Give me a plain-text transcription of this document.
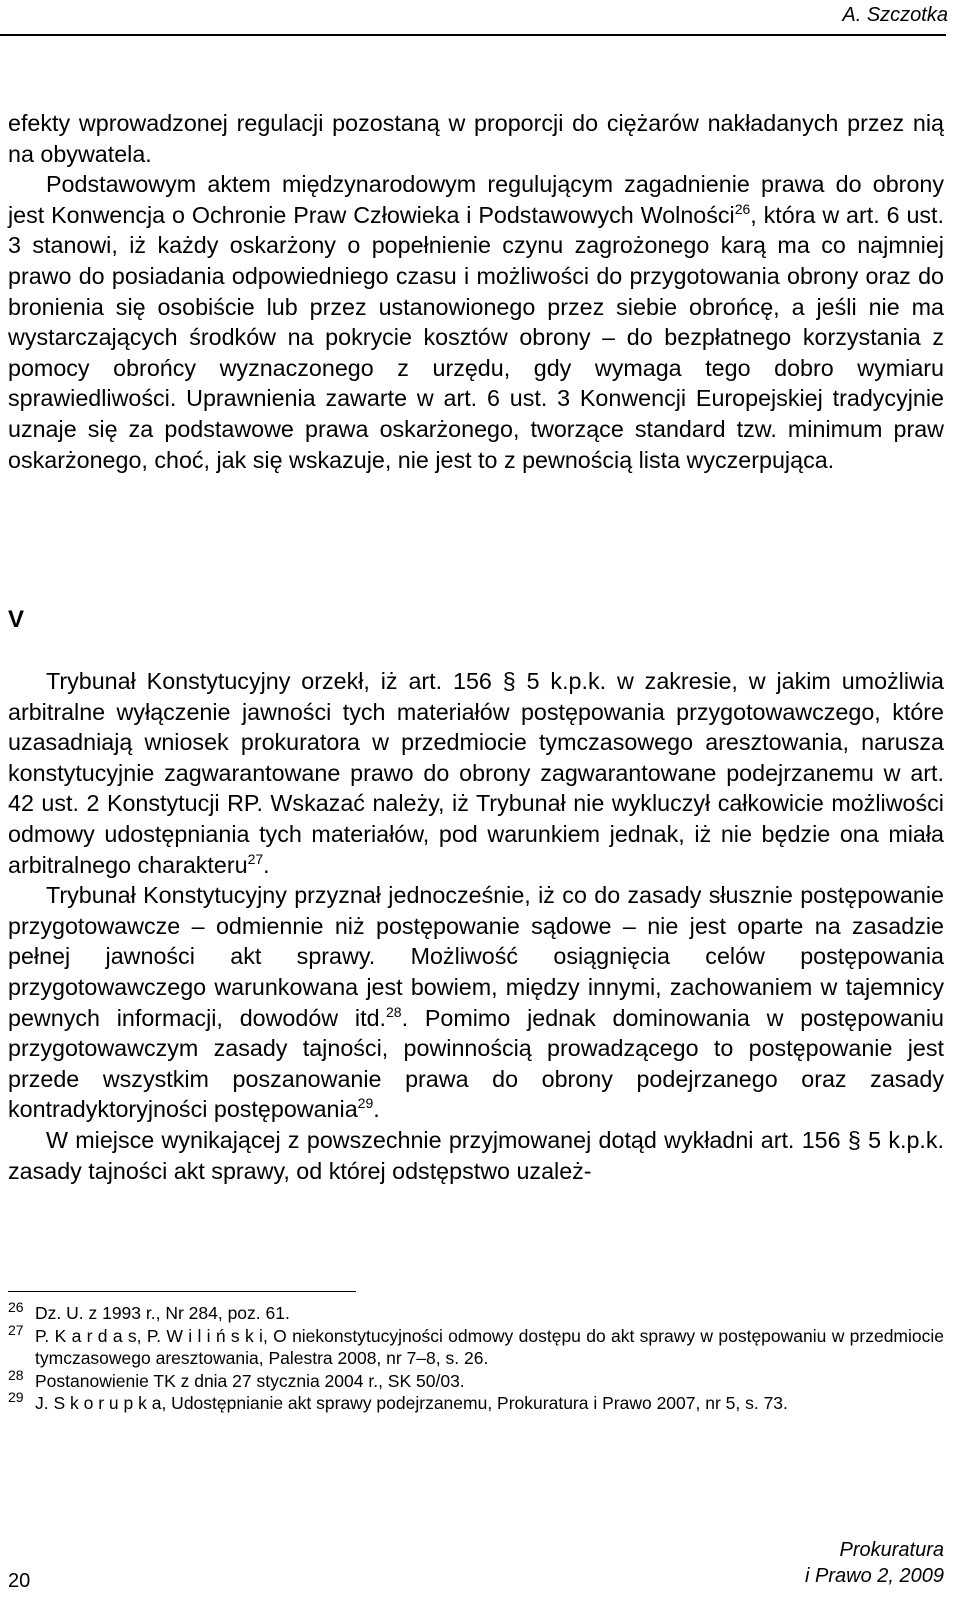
A. Szczotka

efekty wprowadzonej regulacji pozostaną w proporcji do ciężarów nakładanych przez nią na obywatela.

Podstawowym aktem międzynarodowym regulującym zagadnienie prawa do obrony jest Konwencja o Ochronie Praw Człowieka i Podstawowych Wolności$^{26}$, która w art. 6 ust. 3 stanowi, iż każdy oskarżony o popełnienie czynu zagrożonego karą ma co najmniej prawo do posiadania odpowiedniego czasu i możliwości do przygotowania obrony oraz do bronienia się osobiście lub przez ustanowionego przez siebie obrońcę, a jeśli nie ma wystarczających środków na pokrycie kosztów obrony – do bezpłatnego korzystania z pomocy obrońcy wyznaczonego z urzędu, gdy wymaga tego dobro wymiaru sprawiedliwości. Uprawnienia zawarte w art. 6 ust. 3 Konwencji Europejskiej tradycyjnie uznaje się za podstawowe prawa oskarżonego, tworzące standard tzw. minimum praw oskarżonego, choć, jak się wskazuje, nie jest to z pewnością lista wyczerpująca.

V

Trybunał Konstytucyjny orzekł, iż art. 156 § 5 k.p.k. w zakresie, w jakim umożliwia arbitralne wyłączenie jawności tych materiałów postępowania przygotowawczego, które uzasadniają wniosek prokuratora w przedmiocie tymczasowego aresztowania, narusza konstytucyjnie zagwarantowane prawo do obrony zagwarantowane podejrzanemu w art. 42 ust. 2 Konstytucji RP. Wskazać należy, iż Trybunał nie wykluczył całkowicie możliwości odmowy udostępniania tych materiałów, pod warunkiem jednak, iż nie będzie ona miała arbitralnego charakteru$^{27}$.

Trybunał Konstytucyjny przyznał jednocześnie, iż co do zasady słusznie postępowanie przygotowawcze – odmiennie niż postępowanie sądowe – nie jest oparte na zasadzie pełnej jawności akt sprawy. Możliwość osiągnięcia celów postępowania przygotowawczego warunkowana jest bowiem, między innymi, zachowaniem w tajemnicy pewnych informacji, dowodów itd.$^{28}$. Pomimo jednak dominowania w postępowaniu przygotowawczym zasady tajności, powinnością prowadzącego to postępowanie jest przede wszystkim poszanowanie prawa do obrony podejrzanego oraz zasady kontradyktoryjności postępowania$^{29}$.

W miejsce wynikającej z powszechnie przyjmowanej dotąd wykładni art. 156 § 5 k.p.k. zasady tajności akt sprawy, od której odstępstwo uzależ-

26 Dz. U. z 1993 r., Nr 284, poz. 61.

27 P. K a r d a s, P. W i l i ń s k i, O niekonstytucyjności odmowy dostępu do akt sprawy w postępowaniu w przedmiocie tymczasowego aresztowania, Palestra 2008, nr 7–8, s. 26.

28 Postanowienie TK z dnia 27 stycznia 2004 r., SK 50/03.

29 J. S k o r u p k a, Udostępnianie akt sprawy podejrzanemu, Prokuratura i Prawo 2007, nr 5, s. 73.

20
Prokuratura
i Prawo 2, 2009
